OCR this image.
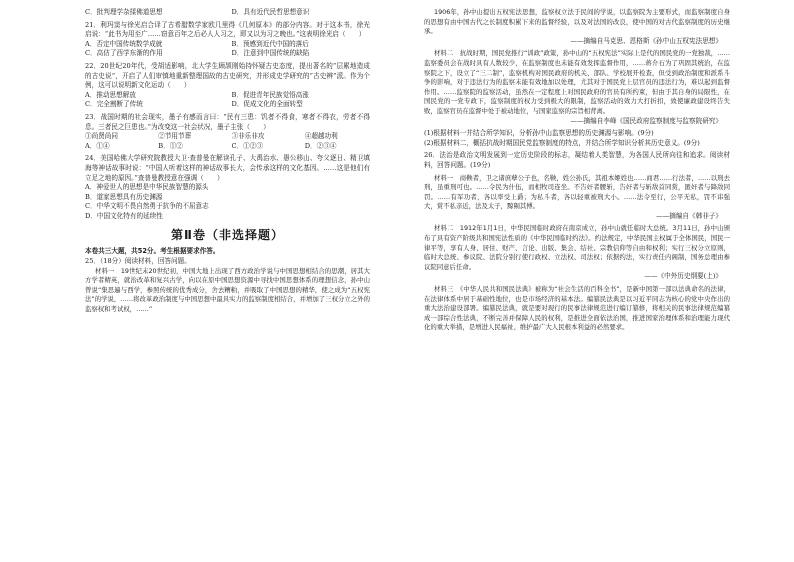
C．批判理学杂揉佛道思想	D．具有近代民哲思想意识

21．利玛窦与徐光启合译了古希腊数学家欧几里得《几何原本》的部分内容。对于这本书，徐光启说：“此书为用至广……窃意百年之后必人人习之，即又以为习之晚也。”这表明徐光启（　　）

A．否定中国传统数学成就	B．预感到近代中国的落后
C．高估了西学东渐的作用	D．注意到中国传统的缺陷

22．20世纪20年代，受胡适影响，北大学生顾颉刚始持怀疑古史态度，提出著名的“层累地造成的古史说”，开启了人们审慎地重新整理国故的古史研究，并形成史学研究的“古史辨”派。作为个例，这可以说明新文化运动（　　）

A．推动思想解放	B．促进青年民族觉悟高涨
C．完全割断了传统	D．促成文化的全面转型

23．战国时期的社会现实，墨子有感而言曰：“民有三患：饥者不得食，寒者不得衣，劳者不得息。三者民之巨患也。”为改变这一社会状况，墨子主张（　　）

①尚贤尚同	②节用节葬	③非乐非攻	④超越功利
A．①④	B．①②	C．①②③	D．②③④

24．美国哈佛大学研究院教授大卫·查普曼在解读孔子、大禹治水、愚公移山、夸父逐日、精卫填海等神话故事时说：“中国人听着这样的神话故事长大，会传承这样的文化基因。……这是他们有立足之地的原因。”查普曼教授意在强调（　　）

A．神爱世人的思想是中华民族智慧的源头
B．道家思想具有历史渊源
C．中华文明不畏自然勇于抗争的不屈意志
D．中国文化特有的延续性
第Ⅱ卷（非选择题）

本卷共三大题，共52分。考生根据要求作答。

25．（18分）阅读材料，回答问题。

材料一　19世纪末20世纪初，中国大地上出现了西方政治学说与中国思想相结合的思潮，居其大方学者精英，就治改革和复兴古学，向以在原中国思想资源中寻找中国思想体系的理想信念，孙中山曾说“集思遍与西学，参照传统的优秀成分，舍去糟粕，并吸取了中国思想的精华，使之成为“五权宪法”的学说，……将改革政治制度与中国思想中最具实力的监察制度相结合，并增加了三权分立之外的监察权和考试权，……”

1906年，孙中山提出五权宪法思想，监察权立法于民间的学说，以监察院为主要形式，而监察制度自身的思想有由中国古代之长制度积累下来的监督经验，以及对法国的改良，使中国的对古代监察制度的历史继承。

——摘编自马克思、恩格斯《孙中山五权宪法思想》

材料二　抗战时期，国民党推行“训政”政策，孙中山的“五权宪法”实际上是代的国民党的一党独裁，……监察委员会在战时具有人数较少，在监察制度也未能有效发挥监督作用，……蒋介石为了巩固其统治，在监察院之下，设立了“三二制”，监察机构对国民政府的机关、部队、学校展开检查，但受到政治制度和派系斗争的影响，对于违法行为的监察未能有效地加以处理，尤其对于国民党上层官员的违法行为，难以起到监督作用。……监察院的监察活动，虽然在一定程度上对国民政府的官员有所约束，但由于其自身的局限性，在国民党的一党专政下，监察制度的权力受到极大的限制，监察活动的效力大打折扣，致使廉政建设终告失败，监察官员在监督中处于被动地位，与国家监察的宗旨相背离。

——摘编自李峰《国民政府监察制度与监察院研究》

(1)根据材料一并结合所学知识，分析孙中山监察思想的历史渊源与影响。(9分)

(2)根据材料二，概括抗战时期国民党监察制度的特点，并结合所学知识分析其历史意义。(9分)

26．法治是政治文明发展到一定历史阶段的标志，凝结着人类智慧，为各国人民所向往和追求。阅读材料，回答问题。(19分)

材料一　商鞅者，卫之诸庶孽公子也，名鞅，姓公孙氏，其祖本姬姓也……商君……行法者，……以刑去刑，虽重刑可也。……令民为什伍，而相牧司连坐。不告奸者腰斩，告奸者与斩敌首同赏，匿奸者与降敌同罚。……有军功者，各以率受上爵；为私斗者，各以轻重被刑大小。……法令至行，公平无私，罚不讳强大，赏不私亲近，法及太子，黥劓其傅。

——摘编自《韩非子》

材料二　1912年1月1日，中华民国临时政府在南京成立，孙中山就任临时大总统。3月11日，孙中山颁布了具有资产阶级共和国宪法性质的《中华民国临时约法》。约法规定，中华民国主权属于全体国民，国民一律平等，享有人身、居住、财产、言论、出版、集会、结社、宗教信仰等自由和权利；实行三权分立原则，临时大总统、参议院、法院分别行使行政权、立法权、司法权；依据约法，实行责任内阁制，国务总理由参议院同意后任命。

——《中外历史纲要(上)》

材料三　《中华人民共和国民法典》被称为“社会生活的百科全书”，是新中国第一部以法典命名的法律，在法律体系中居于基础性地位，也是市场经济的基本法。编纂民法典是以习近平同志为核心的党中央作出的重大法治建设部署。编纂民法典，就是要对现行的民事法律规范进行编订纂修，将相关的民事法律规范编纂成一部综合性法典，不断完善并保障人民的权利，是推进全面依法治国，推进国家治理体系和治理能力现代化的重大举措，是增进人民福祉、维护最广大人民根本利益的必然要求。
